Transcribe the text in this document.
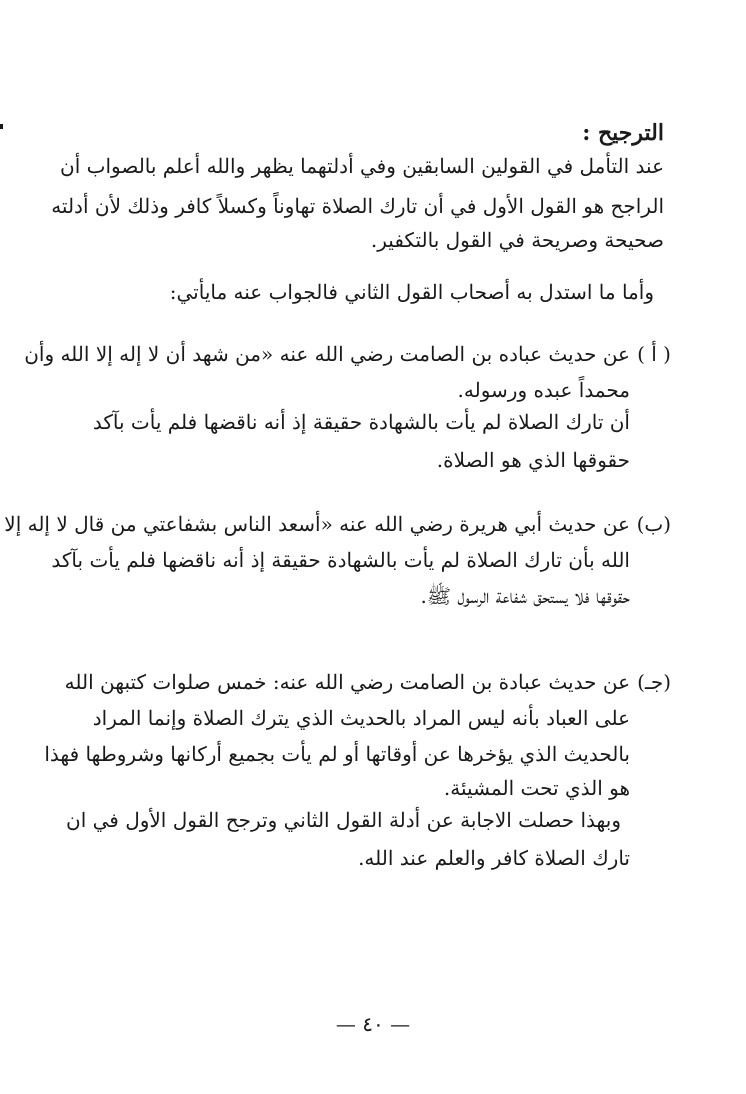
الترجيح :
عند التأمل في القولين السابقين وفي أدلتهما يظهر والله أعلم بالصواب أن
الراجح هو القول الأول في أن تارك الصلاة تهاوناً وكسلاً كافر وذلك لأن أدلته
صحيحة وصريحة في القول بالتكفير.
وأما ما استدل به أصحاب القول الثاني فالجواب عنه مايأتي:
( أ )
عن حديث عباده بن الصامت رضي الله عنه «من شهد أن لا إله إلا الله وأن
محمداً عبده ورسوله.
أن تارك الصلاة لم يأت بالشهادة حقيقة إذ أنه ناقضها فلم يأت بآكد
حقوقها الذي هو الصلاة.
(ب)
عن حديث أبي هريرة رضي الله عنه «أسعد الناس بشفاعتي من قال لا إله إلا
الله بأن تارك الصلاة لم يأت بالشهادة حقيقة إذ أنه ناقضها فلم يأت بآكد
حقوقها فلا يستحق شفاعة الرسول ﷺ.
(جـ)
عن حديث عبادة بن الصامت رضي الله عنه: خمس صلوات كتبهن الله
على العباد بأنه ليس المراد بالحديث الذي يترك الصلاة وإنما المراد
بالحديث الذي يؤخرها عن أوقاتها أو لم يأت بجميع أركانها وشروطها فهذا
هو الذي تحت المشيئة.
وبهذا حصلت الاجابة عن أدلة القول الثاني وترجح القول الأول في ان
تارك الصلاة كافر والعلم عند الله.
— ٤٠ —
